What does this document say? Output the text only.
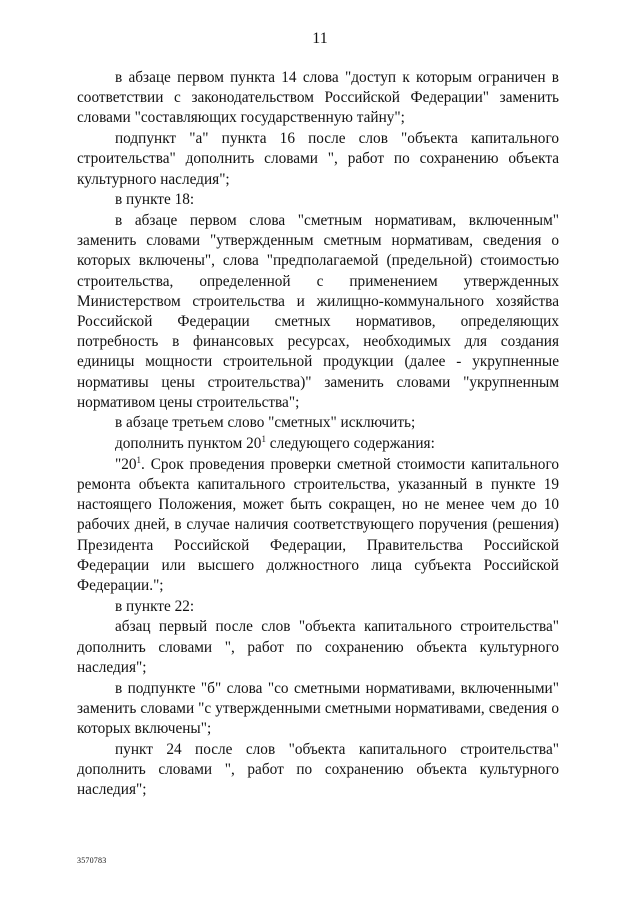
11

в абзаце первом пункта 14 слова "доступ к которым ограничен в соответствии с законодательством Российской Федерации" заменить словами "составляющих государственную тайну";

подпункт "а" пункта 16 после слов "объекта капитального строительства" дополнить словами ", работ по сохранению объекта культурного наследия";

в пункте 18:

в абзаце первом слова "сметным нормативам, включенным" заменить словами "утвержденным сметным нормативам, сведения о которых включены", слова "предполагаемой (предельной) стоимостью строительства, определенной с применением утвержденных Министерством строительства и жилищно-коммунального хозяйства Российской Федерации сметных нормативов, определяющих потребность в финансовых ресурсах, необходимых для создания единицы мощности строительной продукции (далее - укрупненные нормативы цены строительства)" заменить словами "укрупненным нормативом цены строительства";

в абзаце третьем слово "сметных" исключить;

дополнить пунктом $20^1$ следующего содержания:

"$20^1$. Срок проведения проверки сметной стоимости капитального ремонта объекта капитального строительства, указанный в пункте 19 настоящего Положения, может быть сокращен, но не менее чем до 10 рабочих дней, в случае наличия соответствующего поручения (решения) Президента Российской Федерации, Правительства Российской Федерации или высшего должностного лица субъекта Российской Федерации.";

в пункте 22:

абзац первый после слов "объекта капитального строительства" дополнить словами ", работ по сохранению объекта культурного наследия";

в подпункте "б" слова "со сметными нормативами, включенными" заменить словами "с утвержденными сметными нормативами, сведения о которых включены";

пункт 24 после слов "объекта капитального строительства" дополнить словами ", работ по сохранению объекта культурного наследия";

3570783
